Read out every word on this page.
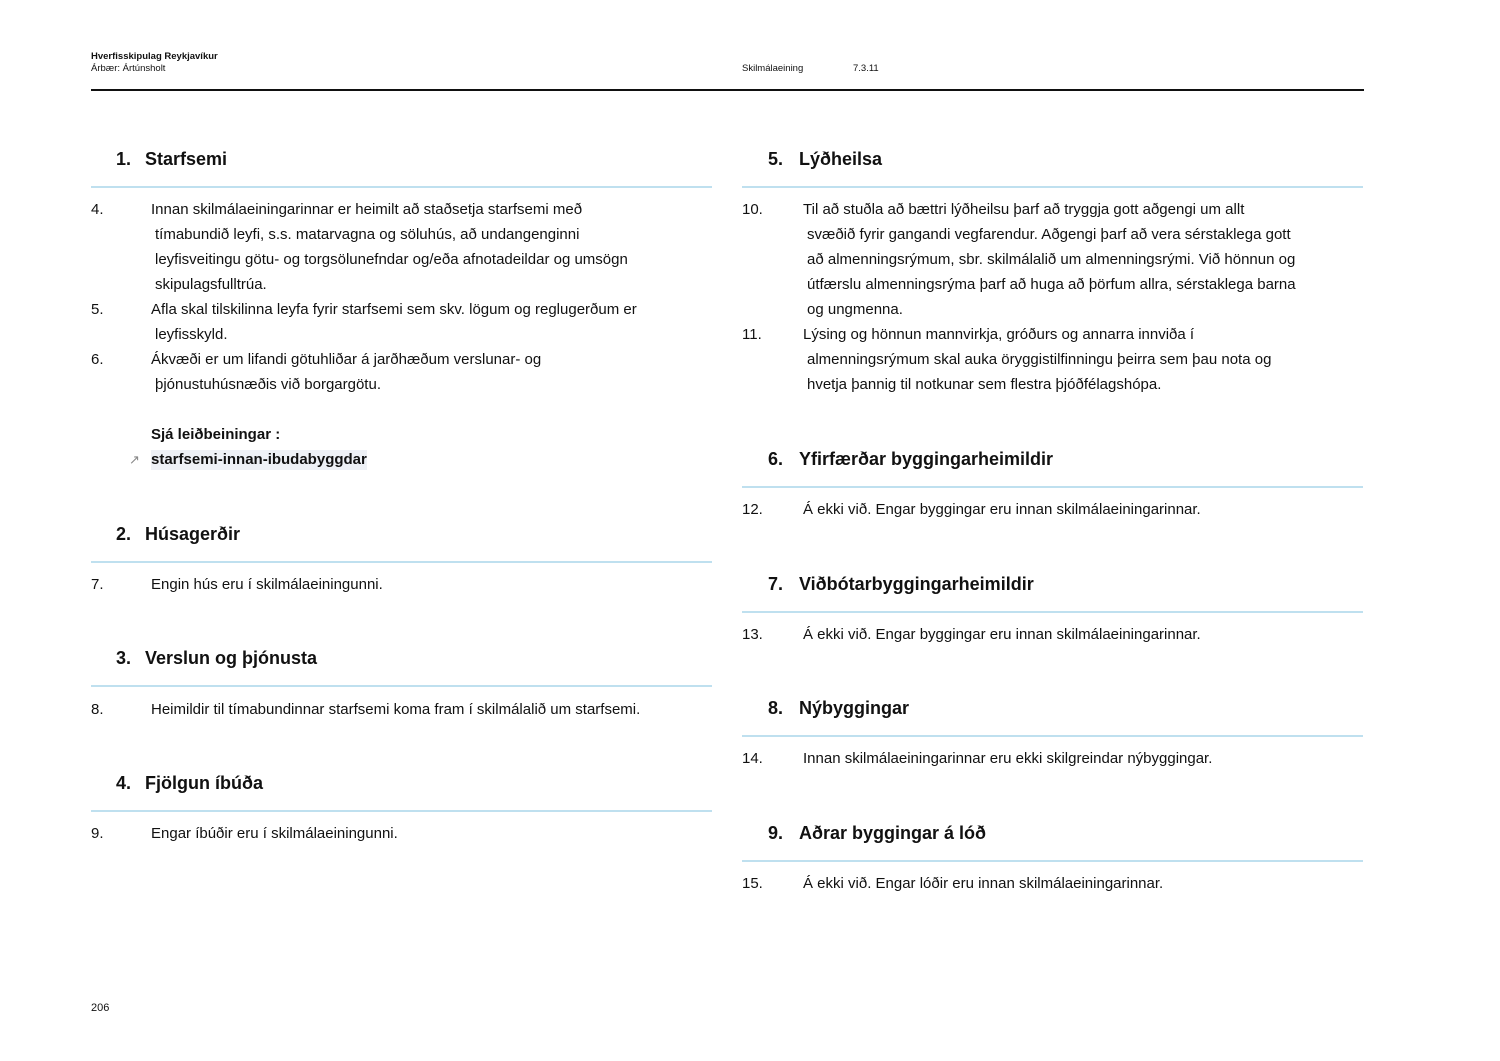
Hverfisskipulag Reykjavíkur
Árbær: Ártúnsholt	Skilmálaeining	7.3.11
1. Starfsemi
4.	Innan skilmálaeiningarinnar er heimilt að staðsetja starfsemi með
tímabundið leyfi, s.s. matarvagna og söluhús, að undangenginni
leyfisveitingu götu- og torgsölunefndar og/eða afnotadeildar og umsögn
skipulagsfulltrúa.
5.	Afla skal tilskilinna leyfa fyrir starfsemi sem skv. lögum og reglugerðum er
leyfisskyld.
6.	Ákvæði er um lifandi götuhliðar á jarðhæðum verslunar- og
þjónustuhúsnæðis við borgargötu.
2. Húsagerðir
7.	Engin hús eru í skilmálaeiningunni.
3. Verslun og þjónusta
8.	Heimildir til tímabundinnar starfsemi koma fram í skilmálalið um starfsemi.
4. Fjölgun íbúða
9.	Engar íbúðir eru í skilmálaeiningunni.
5. Lýðheilsa
10.	Til að stuðla að bættri lýðheilsu þarf að tryggja gott aðgengi um allt
svæðið fyrir gangandi vegfarendur. Aðgengi þarf að vera sérstaklega gott
að almenningsrýmum, sbr. skilmálalið um almenningsrými. Við hönnun og
útfærslu almenningsrýma þarf að huga að þörfum allra, sérstaklega barna
og ungmenna.
11.	Lýsing og hönnun mannvirkja, gróðurs og annarra innviða í
almenningsrýmum skal auka öryggistilfinningu þeirra sem þau nota og
hvetja þannig til notkunar sem flestra þjóðfélagshópa.
6. Yfirfærðar byggingarheimildir
12.	Á ekki við. Engar byggingar eru innan skilmálaeiningarinnar.
7. Viðbótarbyggingarheimildir
13.	Á ekki við. Engar byggingar eru innan skilmálaeiningarinnar.
8. Nýbyggingar
14.	Innan skilmálaeiningarinnar eru ekki skilgreindar nýbyggingar.
9. Aðrar byggingar á lóð
15.	Á ekki við. Engar lóðir eru innan skilmálaeiningarinnar.
Sjá leiðbeiningar :
↗ starfsemi-innan-ibudabyggdar
206
